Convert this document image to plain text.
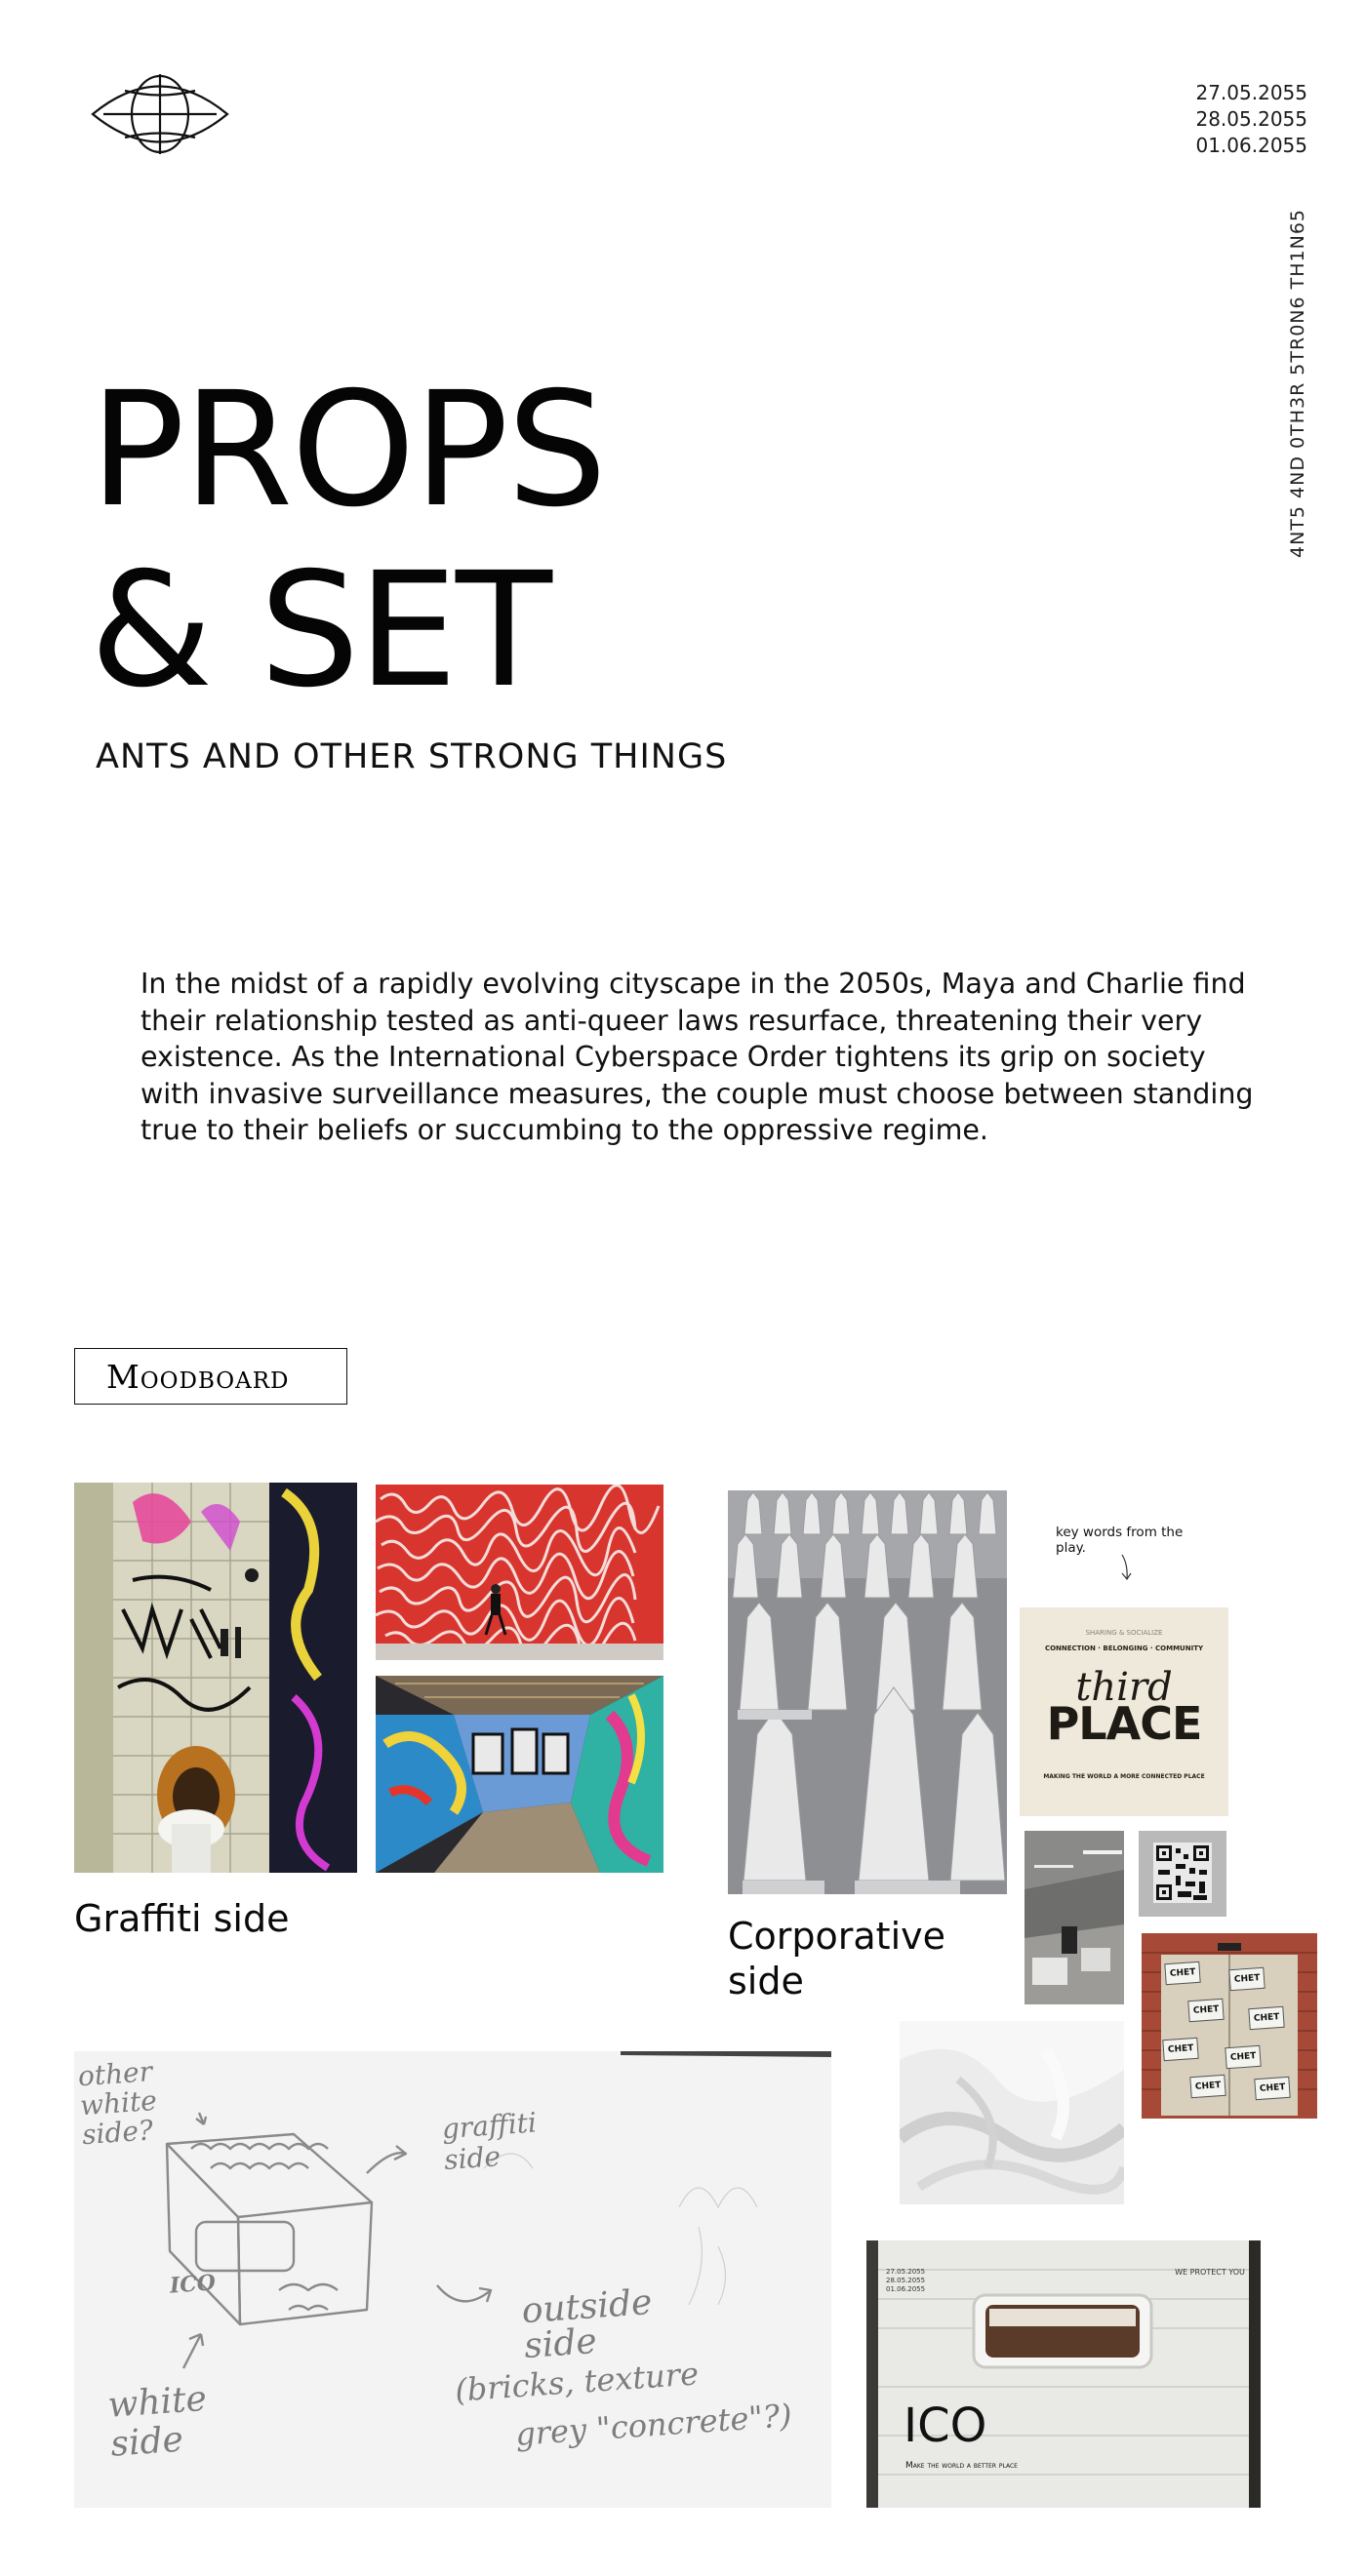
27.05.2055
28.05.2055
01.06.2055
4NT5 4ND 0TH3R 5TR0N6 TH1N65
PROPS
& SET
ANTS AND OTHER STRONG THINGS

In the midst of a rapidly evolving cityscape in the 2050s, Maya and Charlie find their relationship tested as anti-queer laws resurface, threatening their very existence. As the International Cyberspace Order tightens its grip on society with invasive surveillance measures, the couple must choose between standing true to their beliefs or succumbing to the oppressive regime.

Moodboard
Graffiti side	Corporative
side
key words from the play.
SHARING & SOCIALIZE
CONNECTION · BELONGING · COMMUNITY
third
PLACE
MAKING THE WORLD A MORE CONNECTED PLACE
CHET
CHET
CHET
CHET
CHET
CHET
CHET	CHET
other white side?	graffiti side
outside side
(bricks, texture
grey "concrete"?)
white side
ICO	WE PROTECT YOU
27.05.2055
28.05.2055
01.06.2055
ICO
Make the world a better place
